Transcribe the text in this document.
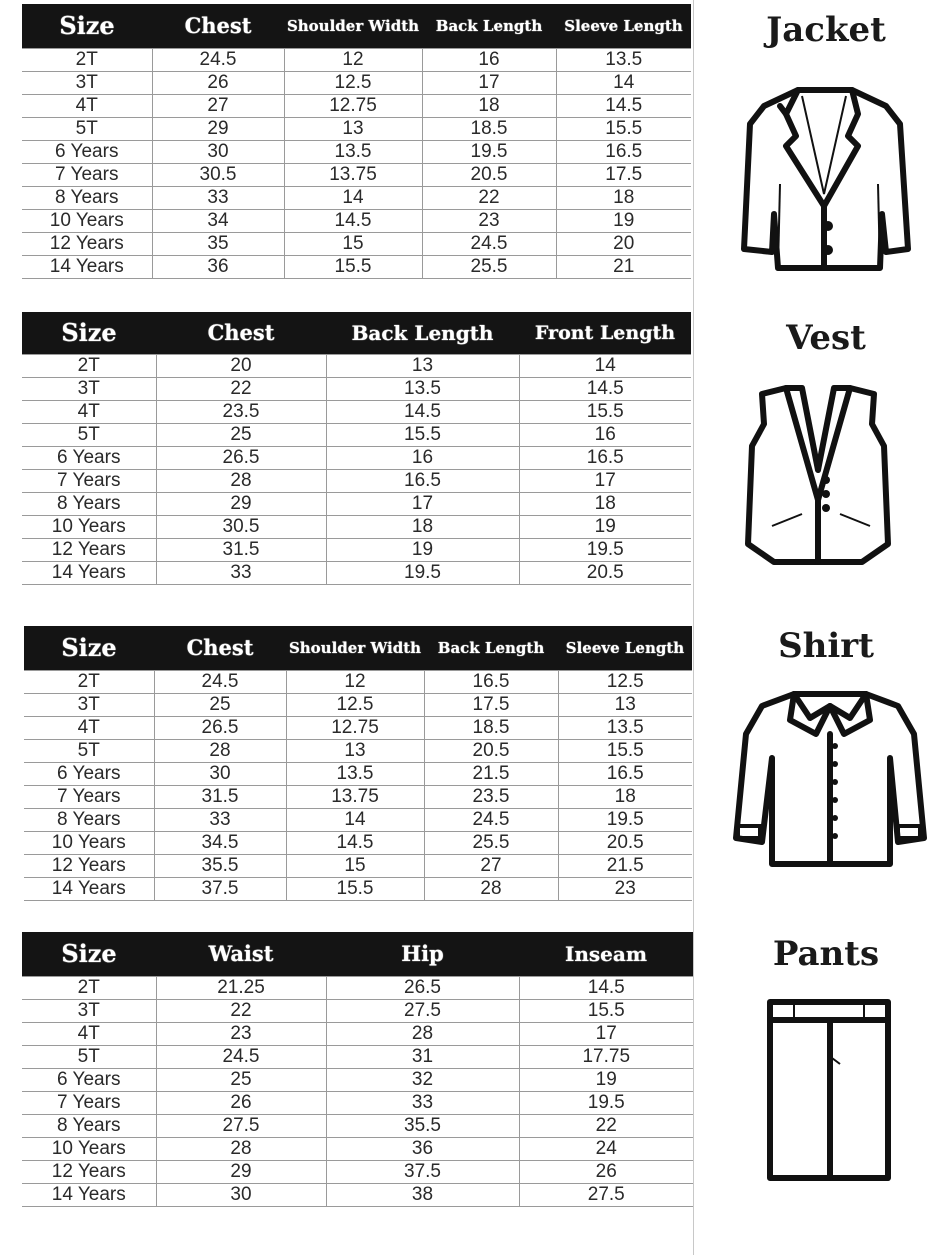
Size	Chest	Shoulder Width	Back Length	Sleeve Length
2T	24.5	12	16	13.5
3T	26	12.5	17	14
4T	27	12.75	18	14.5
5T	29	13	18.5	15.5
6 Years	30	13.5	19.5	16.5
7 Years	30.5	13.75	20.5	17.5
8 Years	33	14	22	18
10 Years	34	14.5	23	19
12 Years	35	15	24.5	20
14 Years	36	15.5	25.5	21
Size	Chest	Back Length	Front Length
2T	20	13	14
3T	22	13.5	14.5
4T	23.5	14.5	15.5
5T	25	15.5	16
6 Years	26.5	16	16.5
7 Years	28	16.5	17
8 Years	29	17	18
10 Years	30.5	18	19
12 Years	31.5	19	19.5
14 Years	33	19.5	20.5
Size	Chest	Shoulder Width	Back Length	Sleeve Length
2T	24.5	12	16.5	12.5
3T	25	12.5	17.5	13
4T	26.5	12.75	18.5	13.5
5T	28	13	20.5	15.5
6 Years	30	13.5	21.5	16.5
7 Years	31.5	13.75	23.5	18
8 Years	33	14	24.5	19.5
10 Years	34.5	14.5	25.5	20.5
12 Years	35.5	15	27	21.5
14 Years	37.5	15.5	28	23
Size	Waist	Hip	Inseam
2T	21.25	26.5	14.5
3T	22	27.5	15.5
4T	23	28	17
5T	24.5	31	17.75
6 Years	25	32	19
7 Years	26	33	19.5
8 Years	27.5	35.5	22
10 Years	28	36	24
12 Years	29	37.5	26
14 Years	30	38	27.5
Jacket
Vest
Shirt
Pants
